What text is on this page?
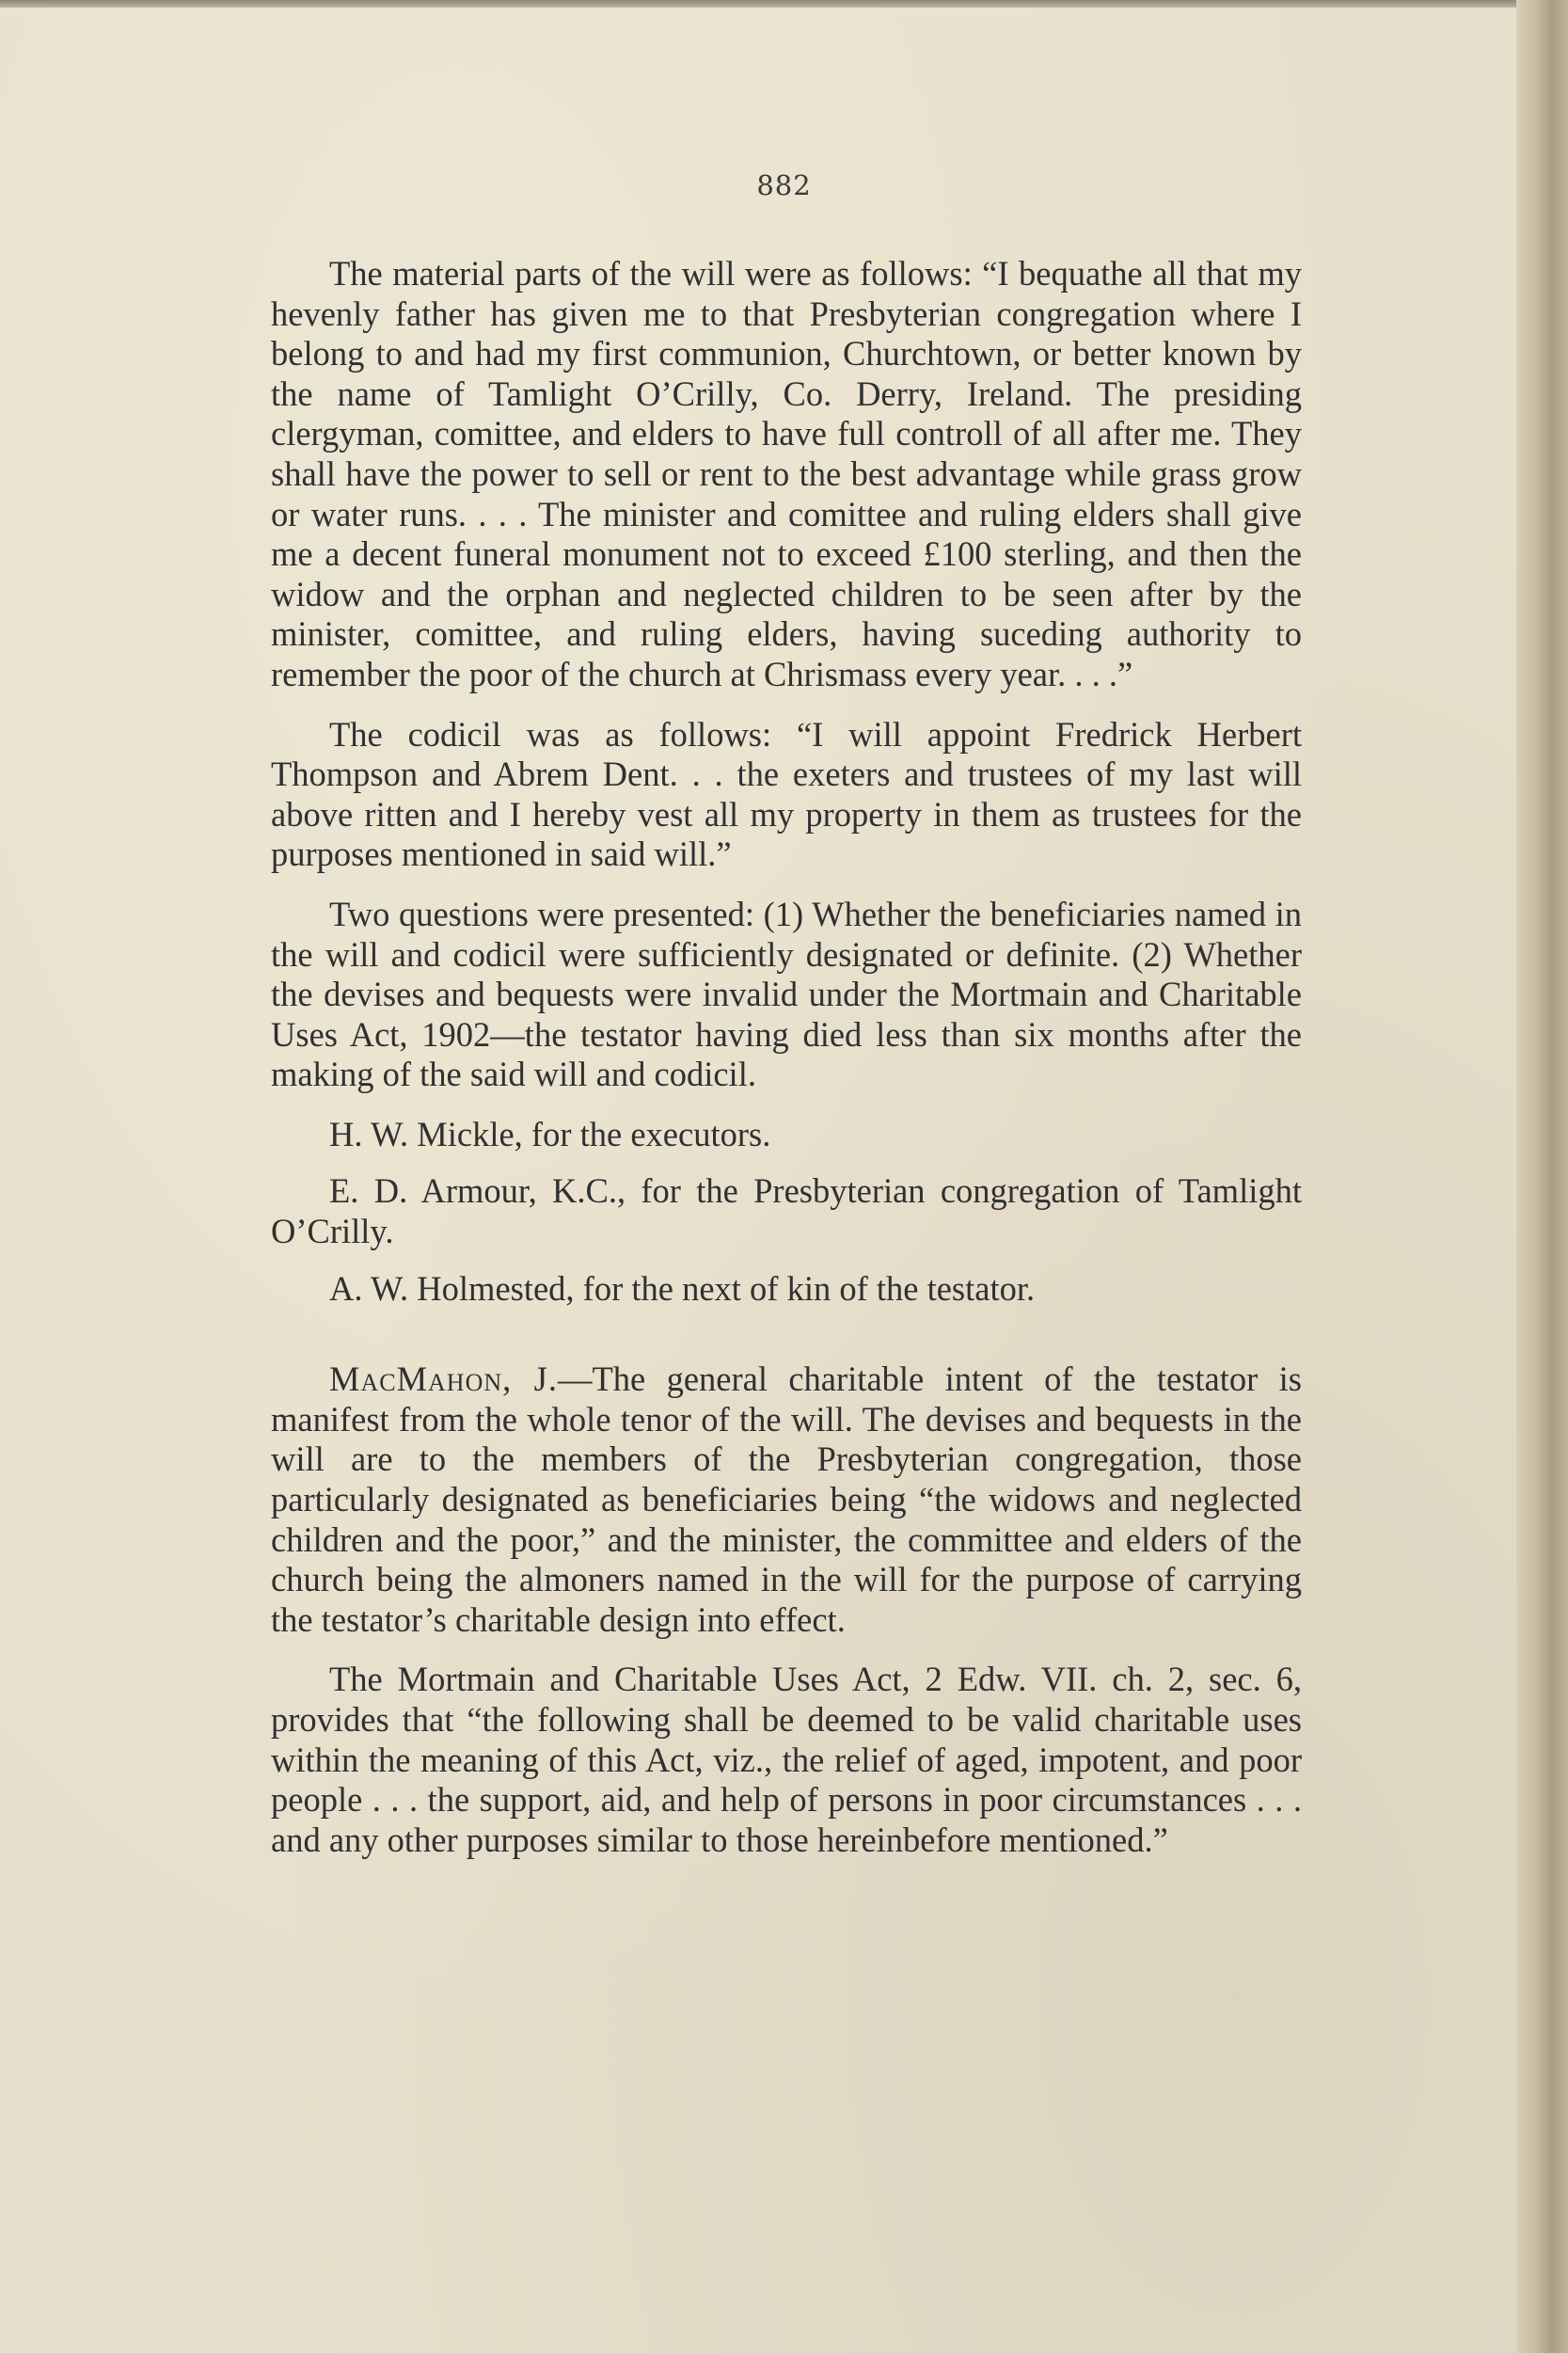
882

The material parts of the will were as follows: “I bequathe all that my hevenly father has given me to that Presbyterian congregation where I belong to and had my first communion, Churchtown, or better known by the name of Tamlight O’Crilly, Co. Derry, Ireland. The presiding clergyman, comittee, and elders to have full controll of all after me. They shall have the power to sell or rent to the best advantage while grass grow or water runs. . . . The minister and comittee and ruling elders shall give me a decent funeral monument not to exceed £100 sterling, and then the widow and the orphan and neglected children to be seen after by the minister, comittee, and ruling elders, having suceding authority to remember the poor of the church at Chrismass every year. . . .”

The codicil was as follows: “I will appoint Fredrick Herbert Thompson and Abrem Dent. . . the exeters and trustees of my last will above ritten and I hereby vest all my property in them as trustees for the purposes mentioned in said will.”

Two questions were presented: (1) Whether the beneficiaries named in the will and codicil were sufficiently designated or definite. (2) Whether the devises and bequests were invalid under the Mortmain and Charitable Uses Act, 1902—the testator having died less than six months after the making of the said will and codicil.

H. W. Mickle, for the executors.

E. D. Armour, K.C., for the Presbyterian congregation of Tamlight O’Crilly.

A. W. Holmested, for the next of kin of the testator.

MacMahon, J.—The general charitable intent of the testator is manifest from the whole tenor of the will. The devises and bequests in the will are to the members of the Presbyterian congregation, those particularly designated as beneficiaries being “the widows and neglected children and the poor,” and the minister, the committee and elders of the church being the almoners named in the will for the purpose of carrying the testator’s charitable design into effect.

The Mortmain and Charitable Uses Act, 2 Edw. VII. ch. 2, sec. 6, provides that “the following shall be deemed to be valid charitable uses within the meaning of this Act, viz., the relief of aged, impotent, and poor people . . . the support, aid, and help of persons in poor circumstances . . . and any other purposes similar to those hereinbefore mentioned.”
